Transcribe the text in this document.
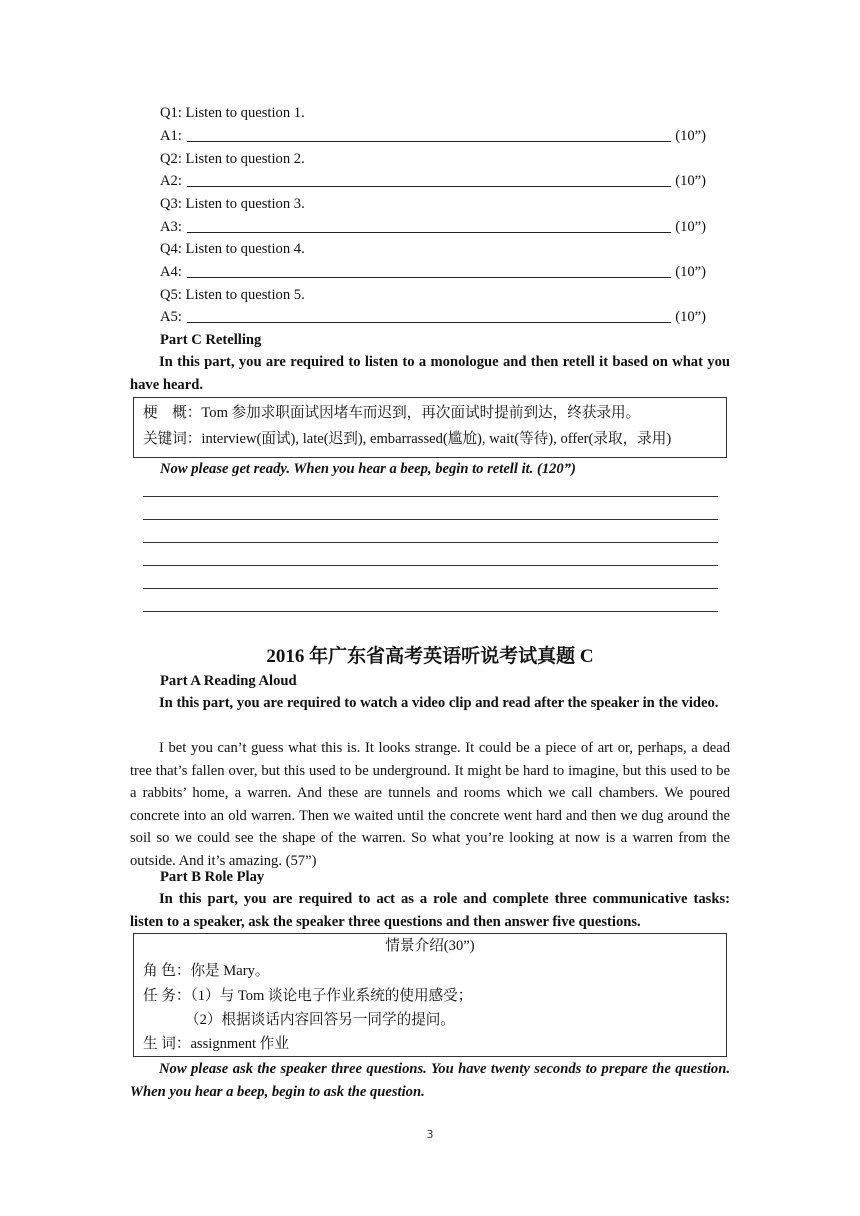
Q1: Listen to question 1.
A1:	(10”)
Q2: Listen to question 2.
A2:	(10”)
Q3: Listen to question 3.
A3:	(10”)
Q4: Listen to question 4.
A4:	(10”)
Q5: Listen to question 5.
A5:	(10”)
Part C Retelling
In this part, you are required to listen to a monologue and then retell it based on what you have heard.
梗　概：Tom 参加求职面试因堵车而迟到，再次面试时提前到达，终获录用。
关键词：interview(面试), late(迟到), embarrassed(尴尬), wait(等待), offer(录取，录用)
Now please get ready. When you hear a beep, begin to retell it. (120”)
2016 年广东省高考英语听说考试真题 C
Part A Reading Aloud
In this part, you are required to watch a video clip and read after the speaker in the video.
I bet you can’t guess what this is. It looks strange. It could be a piece of art or, perhaps, a dead tree that’s fallen over, but this used to be underground. It might be hard to imagine, but this used to be a rabbits’ home, a warren. And these are tunnels and rooms which we call chambers. We poured concrete into an old warren. Then we waited until the concrete went hard and then we dug around the soil so we could see the shape of the warren. So what you’re looking at now is a warren from the outside. And it’s amazing. (57”)
Part B Role Play
In this part, you are required to act as a role and complete three communicative tasks: listen to a speaker, ask the speaker three questions and then answer five questions.
情景介绍(30”)
角 色：你是 Mary。
任 务：（1）与 Tom 谈论电子作业系统的使用感受；
（2）根据谈话内容回答另一同学的提问。
生 词：assignment 作业
Now please ask the speaker three questions. You have twenty seconds to prepare the question. When you hear a beep, begin to ask the question.
3
